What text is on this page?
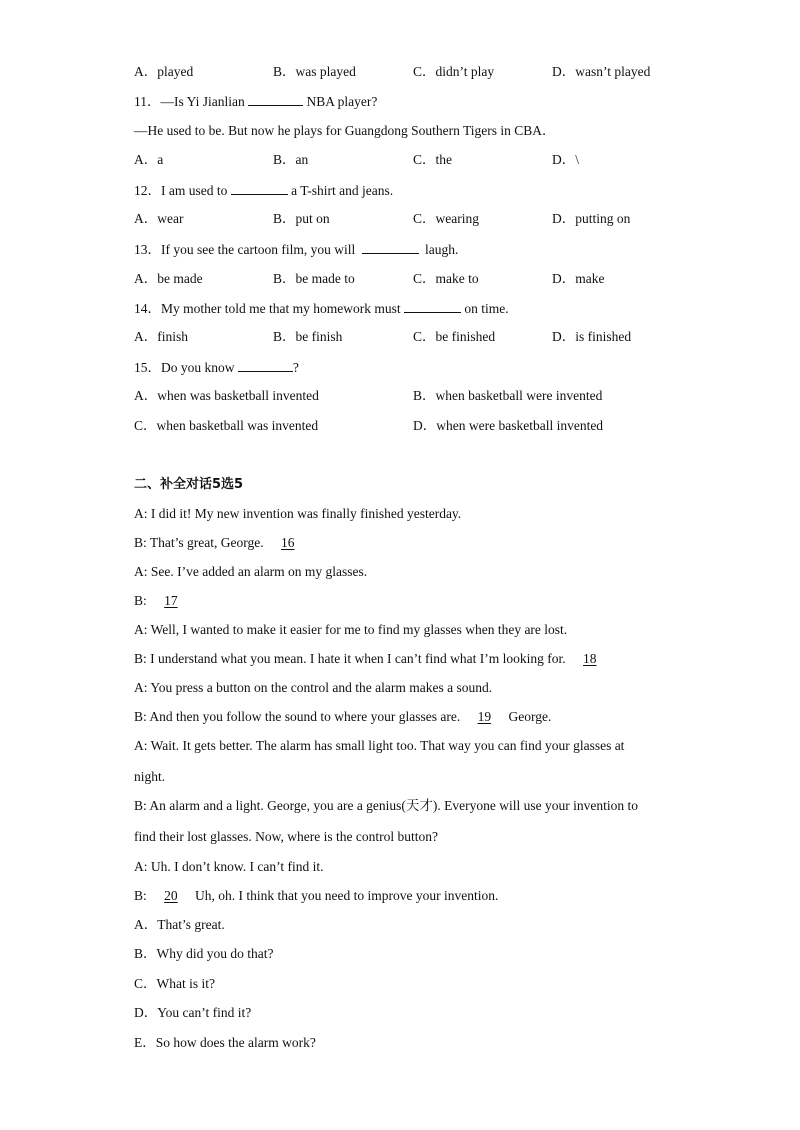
A．played	B．was played	C．didn’t play	D．wasn’t played
11．—Is Yi Jianlian	NBA player?
—He used to be. But now he plays for Guangdong Southern Tigers in CBA．
A．a	B．an	C．the	D．\
12．I am used to	a T-shirt and jeans.
A．wear	B．put on	C．wearing	D．putting on
13．If you see the cartoon film, you will	laugh.
A．be made	B．be made to	C．make to	D．make
14．My mother told me that my homework must	on time.
A．finish	B．be finish	C．be finished	D．is finished
15．Do you know	?
A．when was basketball invented	B．when basketball were invented
C．when basketball was invented	D．when were basketball invented
二、补全对话5选5
A: I did it! My new invention was finally finished yesterday.
B: That’s great, George. 16
A: See. I’ve added an alarm on my glasses.
B: 17
A: Well, I wanted to make it easier for me to find my glasses when they are lost.
B: I understand what you mean. I hate it when I can’t find what I’m looking for. 18
A: You press a button on the control and the alarm makes a sound.
B: And then you follow the sound to where your glasses are. 19 George.
A: Wait. It gets better. The alarm has small light too. That way you can find your glasses at
night.
B: An alarm and a light. George, you are a genius(天才). Everyone will use your invention to
find their lost glasses. Now, where is the control button?
A: Uh. I don’t know. I can’t find it.
B: 20 Uh, oh. I think that you need to improve your invention.
A．That’s great.
B．Why did you do that?
C．What is it?
D．You can’t find it?
E．So how does the alarm work?
